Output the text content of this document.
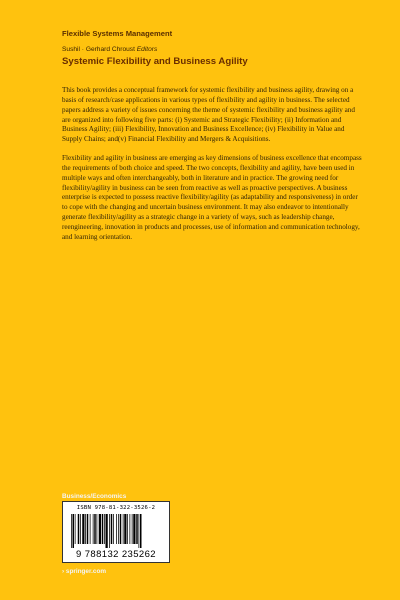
Flexible Systems Management
Sushil · Gerhard Chroust Editors
Systemic Flexibility and Business Agility

This book provides a conceptual framework for systemic flexibility and business agility, drawing on a basis of research/case applications in various types of flexibility and agility in business. The selected papers address a variety of issues concerning the theme of systemic flexibility and business agility and are organized into following five parts: (i) Systemic and Strategic Flexibility; (ii) Information and Business Agility; (iii) Flexibility, Innovation and Business Excellence; (iv) Flexibility in Value and Supply Chains; and(v) Financial Flexibility and Mergers & Acquisitions.

Flexibility and agility in business are emerging as key dimensions of business excellence that encompass the requirements of both choice and speed. The two concepts, flexibility and agility, have been used in multiple ways and often interchangeably, both in literature and in practice. The growing need for flexibility/agility in business can be seen from reactive as well as proactive perspectives. A business enterprise is expected to possess reactive flexibility/agility (as adaptability and responsiveness) in order to cope with the changing and uncertain business environment. It may also endeavor to intentionally generate flexibility/agility as a strategic change in a variety of ways, such as leadership change, reengineering, innovation in products and processes, use of information and communication technology, and learning orientation.

Business/Economics
ISBN 978-81-322-3526-2
9 788132 235262
› springer.com
